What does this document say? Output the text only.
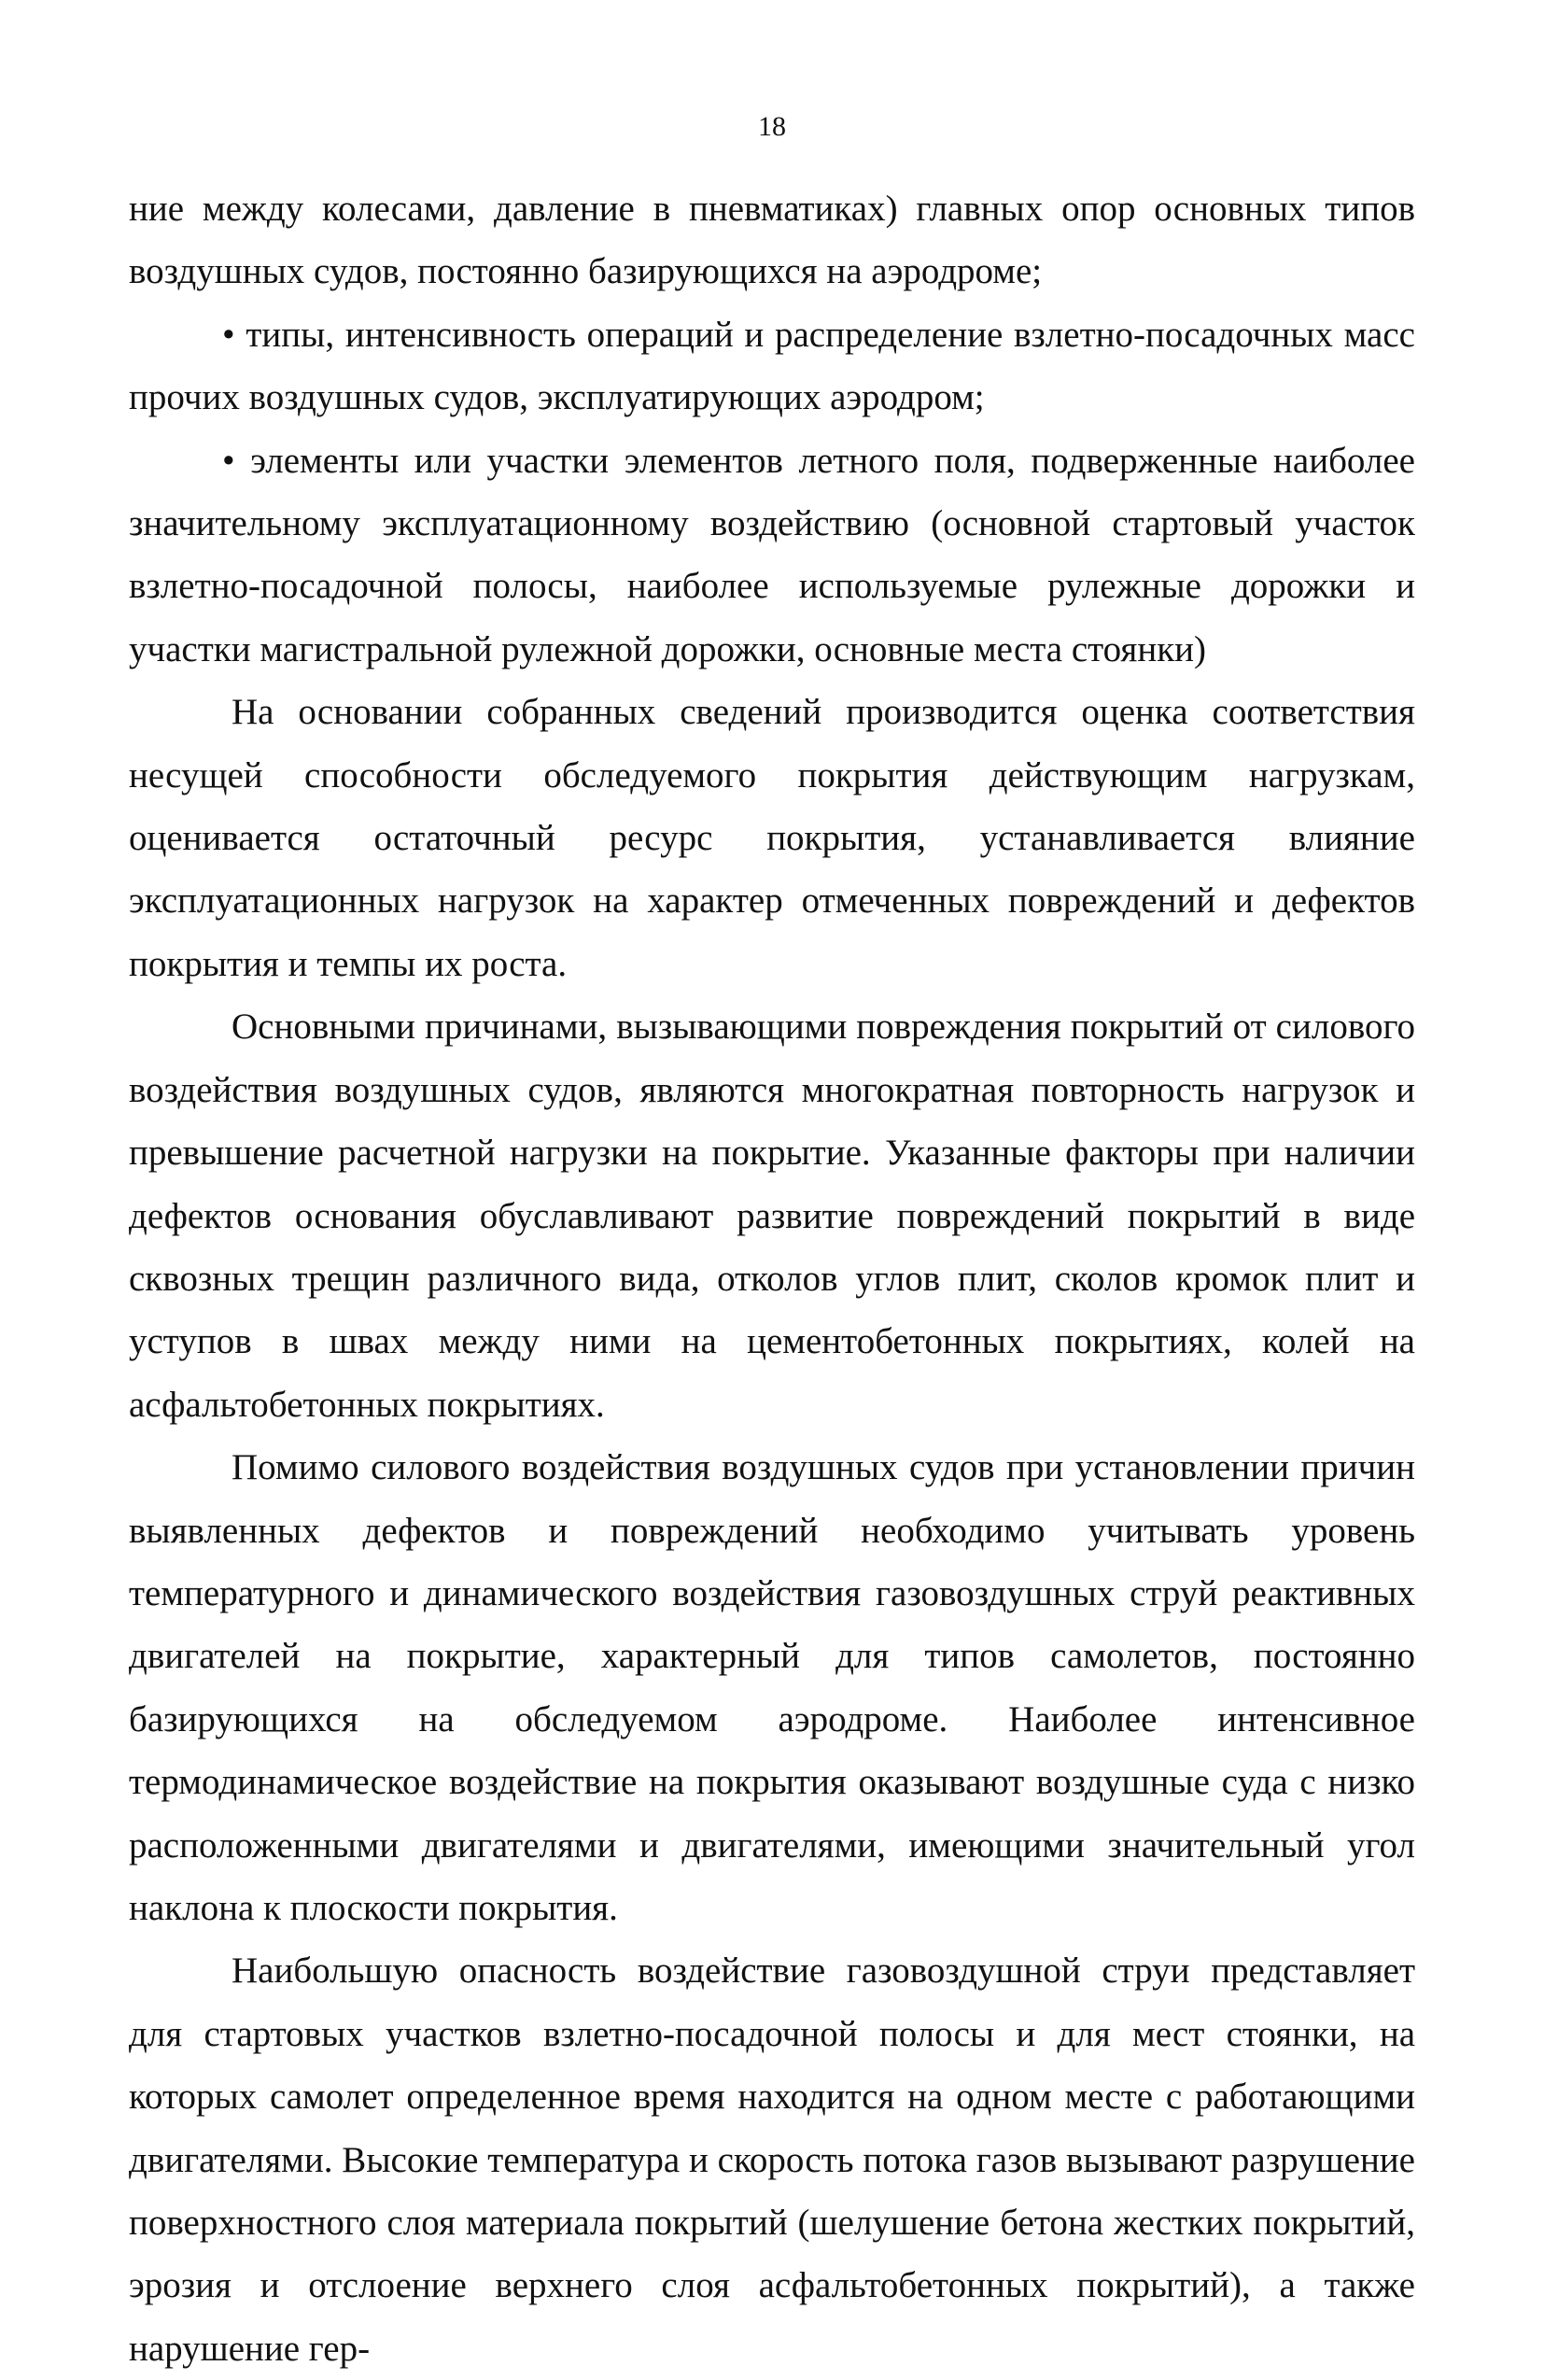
18

ние между колесами, давление в пневматиках) главных опор основных типов воздушных судов, постоянно базирующихся на аэродроме;

• типы, интенсивность операций и распределение взлетно-посадочных масс прочих воздушных судов, эксплуатирующих аэродром;

• элементы или участки элементов летного поля, подверженные наиболее значительному эксплуатационному воздействию (основной стартовый участок взлетно-посадочной полосы, наиболее используемые рулежные дорожки и участки магистральной рулежной дорожки, основные места стоянки)

На основании собранных сведений производится оценка соответствия несущей способности обследуемого покрытия действующим нагрузкам, оценивается остаточный ресурс покрытия, устанавливается влияние эксплуатационных нагрузок на характер отмеченных повреждений и дефектов покрытия и темпы их роста.

Основными причинами, вызывающими повреждения покрытий от силового воздействия воздушных судов, являются многократная повторность нагрузок и превышение расчетной нагрузки на покрытие. Указанные факторы при наличии дефектов основания обуславливают развитие повреждений покрытий в виде сквозных трещин различного вида, отколов углов плит, сколов кромок плит и уступов в швах между ними на цементобетонных покрытиях, колей на асфальтобетонных покрытиях.

Помимо силового воздействия воздушных судов при установлении причин выявленных дефектов и повреждений необходимо учитывать уровень температурного и динамического воздействия газовоздушных струй реактивных двигателей на покрытие, характерный для типов самолетов, постоянно базирующихся на обследуемом аэродроме. Наиболее интенсивное термодинамическое воздействие на покрытия оказывают воздушные суда с низко расположенными двигателями и двигателями, имеющими значительный угол наклона к плоскости покрытия.

Наибольшую опасность воздействие газовоздушной струи представляет для стартовых участков взлетно-посадочной полосы и для мест стоянки, на которых самолет определенное время находится на одном месте с работающими двигателями. Высокие температура и скорость потока газов вызывают разрушение поверхностного слоя материала покрытий (шелушение бетона жестких покрытий, эрозия и отслоение верхнего слоя асфальтобетонных покрытий), а также нарушение гер-
